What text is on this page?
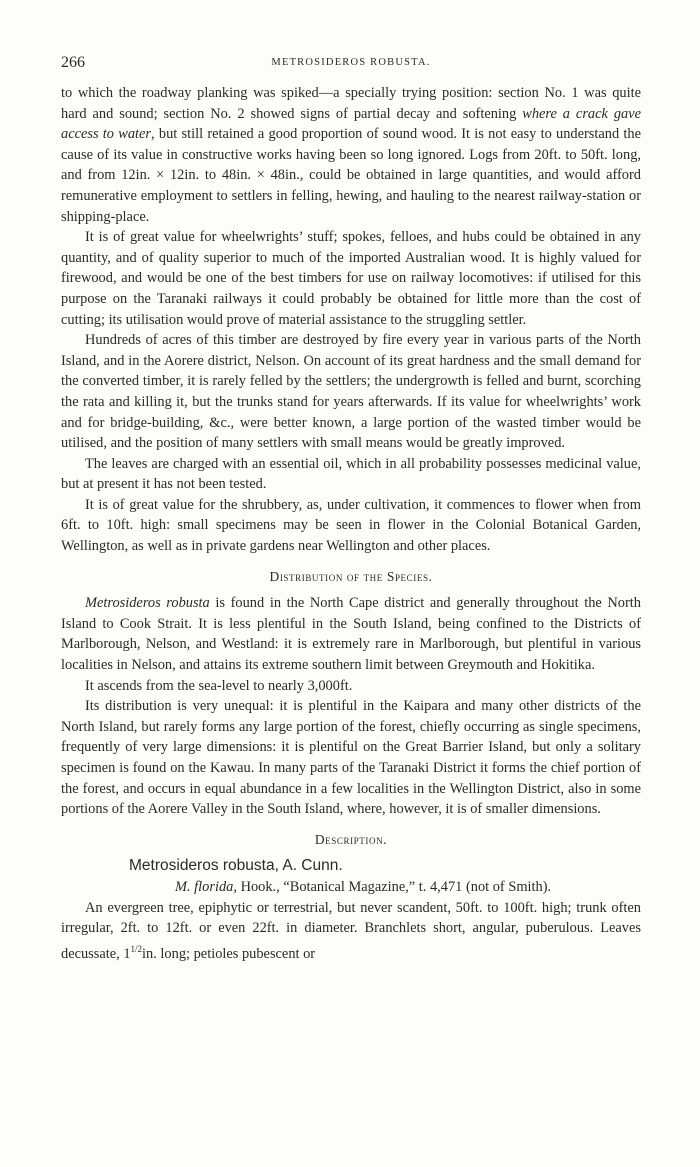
266	METROSIDEROS ROBUSTA.

to which the roadway planking was spiked—a specially trying position: section No. 1 was quite hard and sound; section No. 2 showed signs of partial decay and softening where a crack gave access to water, but still retained a good proportion of sound wood. It is not easy to understand the cause of its value in constructive works having been so long ignored. Logs from 20ft. to 50ft. long, and from 12in. × 12in. to 48in. × 48in., could be obtained in large quantities, and would afford remunerative employment to settlers in felling, hewing, and hauling to the nearest railway-station or shipping-place.

It is of great value for wheelwrights’ stuff; spokes, felloes, and hubs could be obtained in any quantity, and of quality superior to much of the imported Australian wood. It is highly valued for firewood, and would be one of the best timbers for use on railway locomotives: if utilised for this purpose on the Taranaki railways it could probably be obtained for little more than the cost of cutting; its utilisation would prove of material assistance to the struggling settler.

Hundreds of acres of this timber are destroyed by fire every year in various parts of the North Island, and in the Aorere district, Nelson. On account of its great hardness and the small demand for the converted timber, it is rarely felled by the settlers; the undergrowth is felled and burnt, scorching the rata and killing it, but the trunks stand for years afterwards. If its value for wheelwrights’ work and for bridge-building, &c., were better known, a large portion of the wasted timber would be utilised, and the position of many settlers with small means would be greatly improved.

The leaves are charged with an essential oil, which in all probability possesses medicinal value, but at present it has not been tested.

It is of great value for the shrubbery, as, under cultivation, it commences to flower when from 6ft. to 10ft. high: small specimens may be seen in flower in the Colonial Botanical Garden, Wellington, as well as in private gardens near Wellington and other places.

Distribution of the Species.

Metrosideros robusta is found in the North Cape district and generally throughout the North Island to Cook Strait. It is less plentiful in the South Island, being confined to the Districts of Marlborough, Nelson, and Westland: it is extremely rare in Marlborough, but plentiful in various localities in Nelson, and attains its extreme southern limit between Greymouth and Hokitika.

It ascends from the sea-level to nearly 3,000ft.

Its distribution is very unequal: it is plentiful in the Kaipara and many other districts of the North Island, but rarely forms any large portion of the forest, chiefly occurring as single specimens, frequently of very large dimensions: it is plentiful on the Great Barrier Island, but only a solitary specimen is found on the Kawau. In many parts of the Taranaki District it forms the chief portion of the forest, and occurs in equal abundance in a few localities in the Wellington District, also in some portions of the Aorere Valley in the South Island, where, however, it is of smaller dimensions.

Description.

Metrosideros robusta, A. Cunn.

M. florida, Hook., “Botanical Magazine,” t. 4,471 (not of Smith).

An evergreen tree, epiphytic or terrestrial, but never scandent, 50ft. to 100ft. high; trunk often irregular, 2ft. to 12ft. or even 22ft. in diameter. Branchlets short, angular, puberulous. Leaves decussate, $1^{1/2}in$. long; petioles pubescent or
